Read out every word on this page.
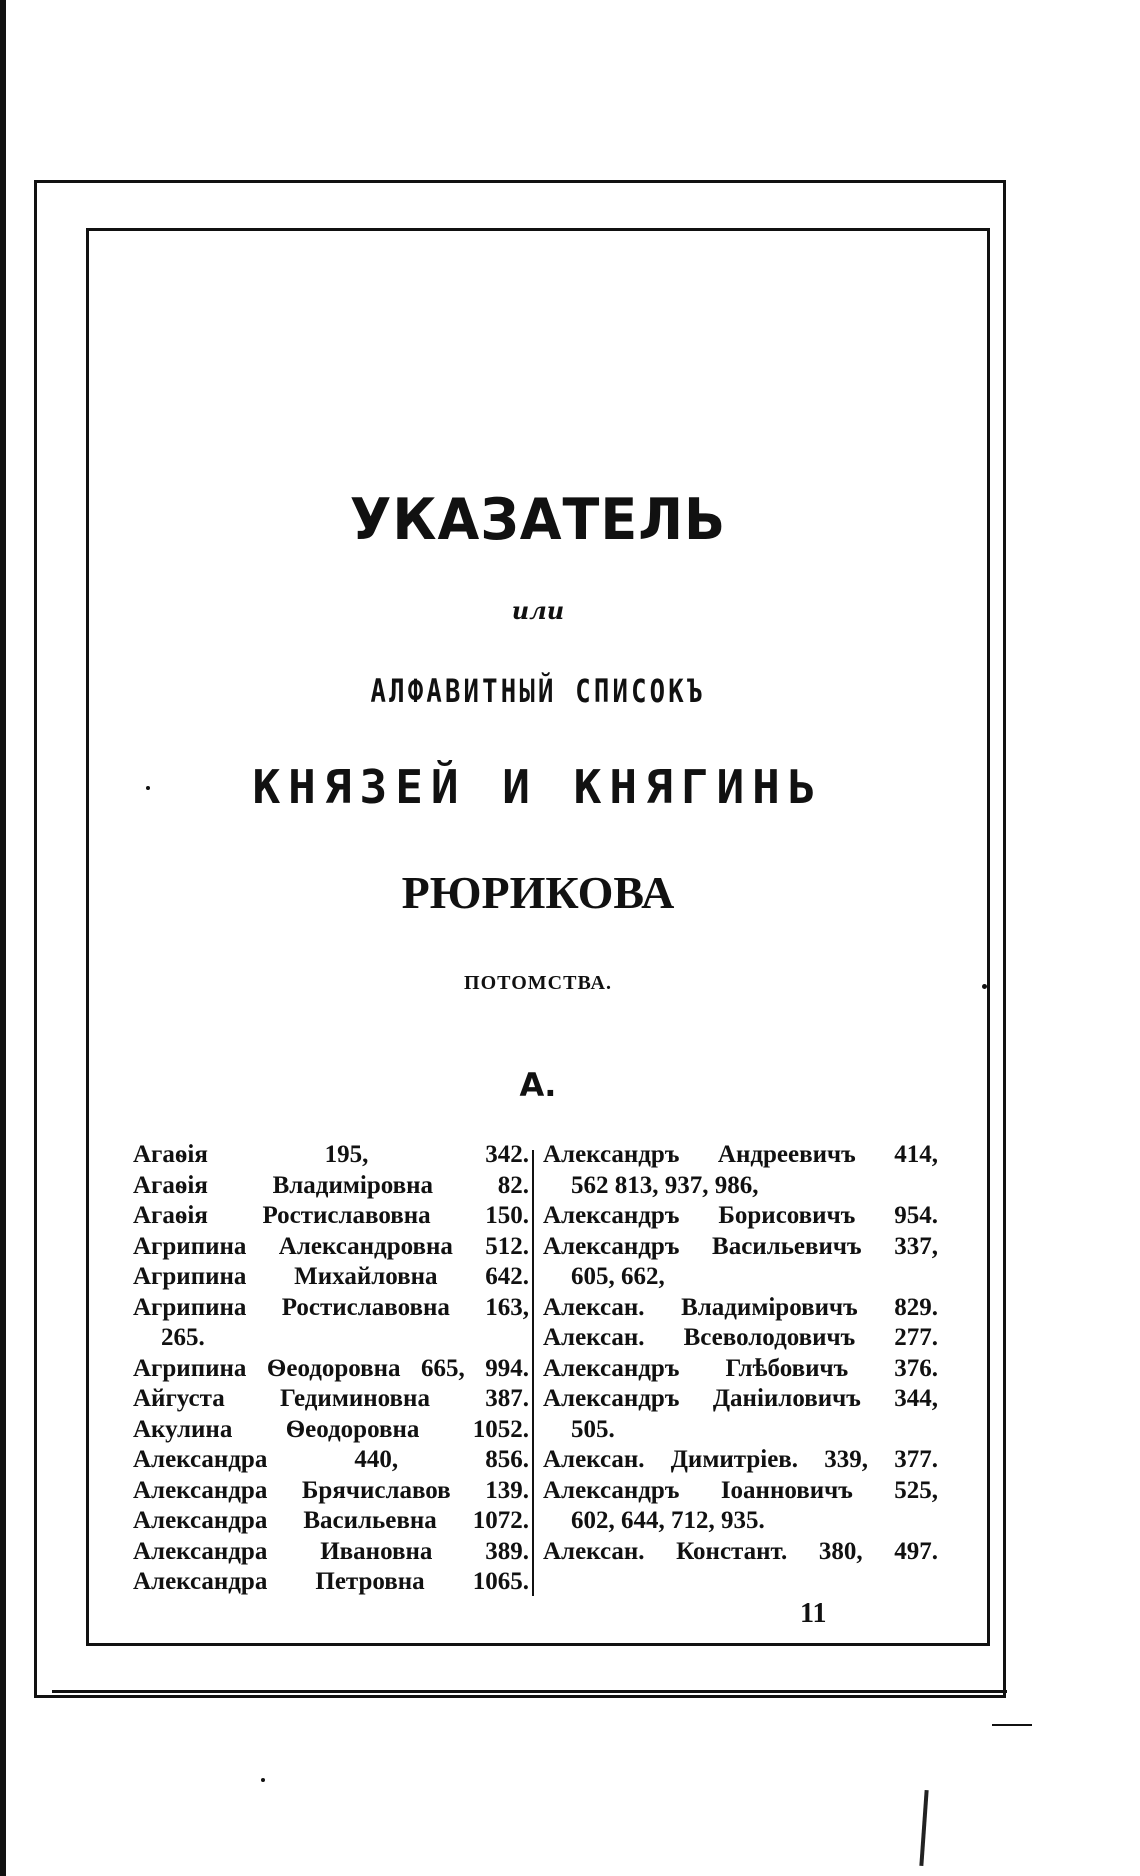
УКАЗАТЕЛЬ
или
АЛФАВИТНЫЙ СПИСОКЪ
КНЯЗЕЙ И КНЯГИНЬ
РЮРИКОВА
ПОТОМСТВА.
А.
Агаѳія 195, 342.
Агаѳія Владиміровна 82.
Агаѳія Ростиславовна 150.
Агрипина Александровна 512.
Агрипина Михайловна 642.
Агрипина Ростиславовна 163,
265.
Агрипина Ѳеодоровна 665, 994.
Айгуста Гедиминовна 387.
Акулина Ѳеодоровна 1052.
Александра 440, 856.
Александра Брячиславов 139.
Александра Васильевна 1072.
Александра Ивановна 389.
Александра Петровна 1065.
Александръ Андреевичъ 414,
562 813, 937, 986,
Александръ Борисовичъ 954.
Александръ Васильевичъ 337,
605, 662,
Алексан. Владиміровичъ 829.
Алексан. Всеволодовичъ 277.
Александръ Глѣбовичъ 376.
Александръ Даніиловичъ 344,
505.
Алексан. Димитріев. 339, 377.
Александръ Іоанновичъ 525,
602, 644, 712, 935.
Алексан. Констант. 380, 497.
11
